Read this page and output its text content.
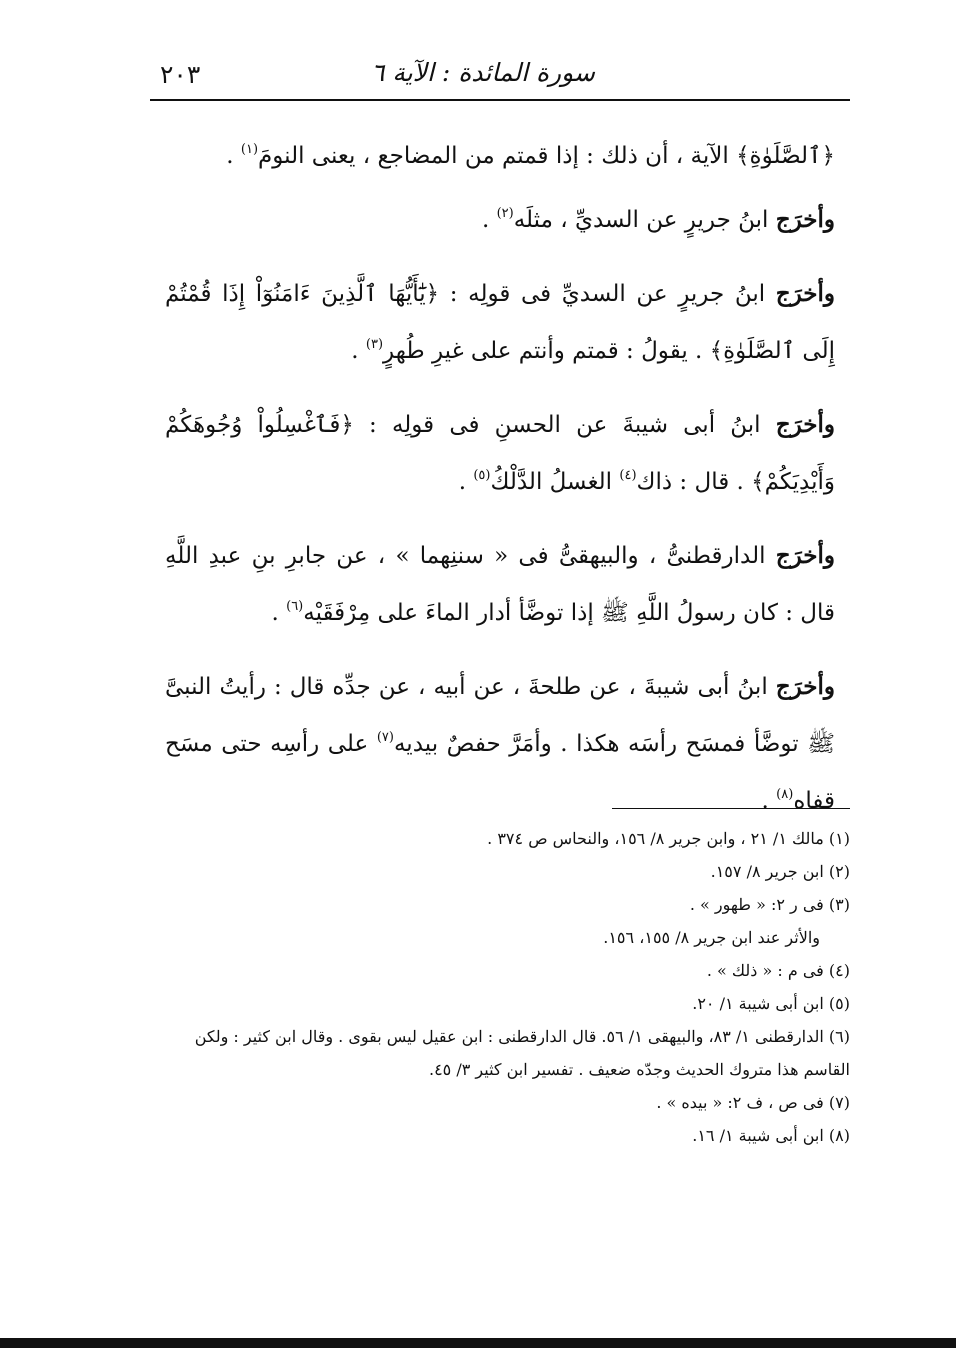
٢٠٣	سورة المائدة : الآية ٦

﴿ٱلصَّلَوٰةِ﴾ الآية ، أن ذلك : إذا قمتم من المضاجع ، يعنى النومَ$^{(١)}$ .

وأخرَج ابنُ جريرٍ عن السديِّ ، مثلَه$^{(٢)}$ .

وأخرَج ابنُ جريرٍ عن السديِّ فى قولِه : ﴿يَٰٓأَيُّهَا ٱلَّذِينَ ءَامَنُوٓاْ إِذَا قُمْتُمْ إِلَى ٱلصَّلَوٰةِ﴾ . يقولُ : قمتم وأنتم على غيرِ طُهرٍ$^{(٣)}$ .

وأخرَج ابنُ أبى شيبةَ عن الحسنِ فى قولِه : ﴿فَٱغْسِلُواْ وُجُوهَكُمْ وَأَيْدِيَكُمْ﴾ . قال : ذاك$^{(٤)}$ الغسلُ الدَّلْكُ$^{(٥)}$ .

وأخرَج الدارقطنىُّ ، والبيهقىُّ فى « سننِهما » ، عن جابرِ بنِ عبدِ اللَّهِ قال : كان رسولُ اللَّهِ ﷺ إذا توضَّأ أدار الماءَ على مِرْفَقَيْه$^{(٦)}$ .

وأخرَج ابنُ أبى شيبةَ ، عن طلحةَ ، عن أبيه ، عن جدِّه قال : رأيتُ النبىَّ ﷺ توضَّأ فمسَح رأسَه هكذا . وأمَرَّ حفصٌ بيديه$^{(٧)}$ على رأسِه حتى مسَح قفاه$^{(٨)}$ .

(١) مالك ١/ ٢١ ، وابن جرير ٨/ ١٥٦، والنحاس ص ٣٧٤ .

(٢) ابن جرير ٨/ ١٥٧.

(٣) فى ر ٢: « طهور » .

والأثر عند ابن جرير ٨/ ١٥٥، ١٥٦.

(٤) فى م : « ذلك » .

(٥) ابن أبى شيبة ١/ ٢٠.

(٦) الدارقطنى ١/ ٨٣، والبيهقى ١/ ٥٦. قال الدارقطنى : ابن عقيل ليس بقوى . وقال ابن كثير : ولكن القاسم هذا متروك الحديث وجدّه ضعيف . تفسير ابن كثير ٣/ ٤٥.

(٧) فى ص ، ف ٢: « بيده » .

(٨) ابن أبى شيبة ١/ ١٦.
